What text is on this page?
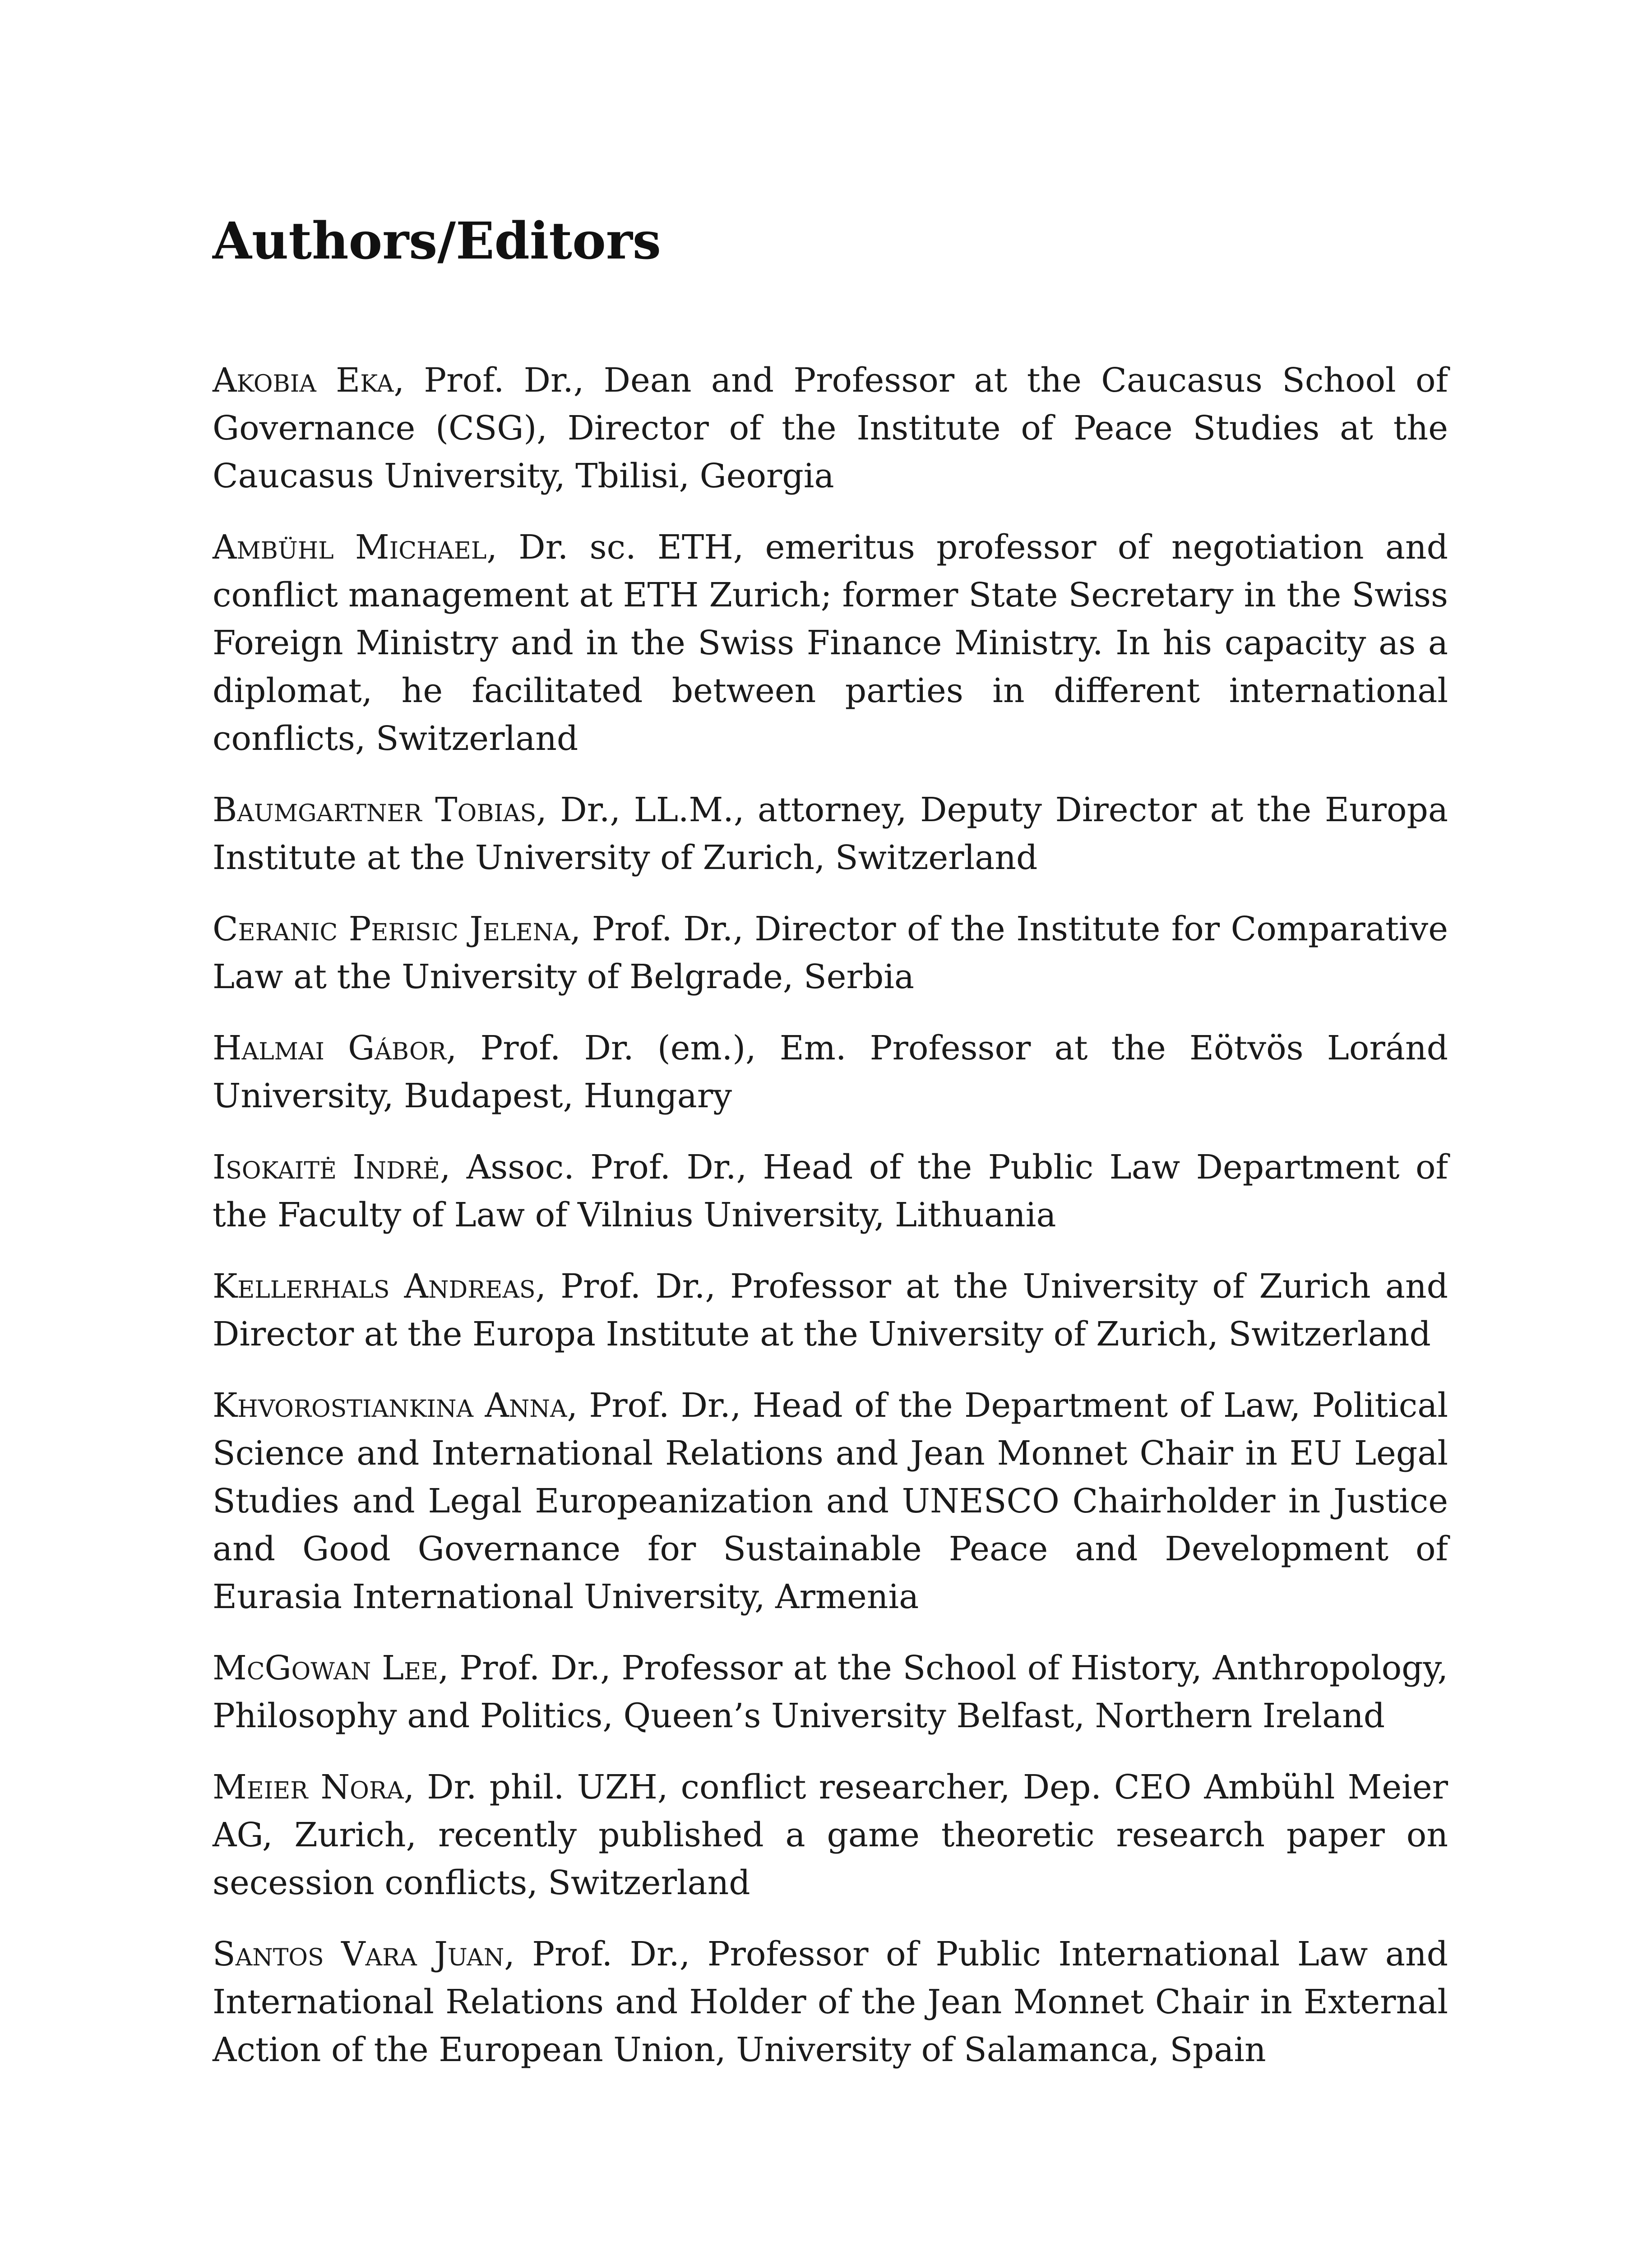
Authors/Editors

Akobia Eka, Prof. Dr., Dean and Professor at the Caucasus School of Governance (CSG), Director of the Institute of Peace Studies at the Caucasus University, Tbilisi, Georgia

Ambühl Michael, Dr. sc. ETH, emeritus professor of negotiation and conflict management at ETH Zurich; former State Secretary in the Swiss Foreign Ministry and in the Swiss Finance Ministry. In his capacity as a diplomat, he facilitated between parties in different international conflicts, Switzerland

Baumgartner Tobias, Dr., LL.M., attorney, Deputy Director at the Europa Institute at the University of Zurich, Switzerland

Ceranic Perisic Jelena, Prof. Dr., Director of the Institute for Comparative Law at the University of Belgrade, Serbia

Halmai Gábor, Prof. Dr. (em.), Em. Professor at the Eötvös Loránd University, Budapest, Hungary

Isokaitė Indrė, Assoc. Prof. Dr., Head of the Public Law Department of the Faculty of Law of Vilnius University, Lithuania

Kellerhals Andreas, Prof. Dr., Professor at the University of Zurich and Director at the Europa Institute at the University of Zurich, Switzerland

Khvorostiankina Anna, Prof. Dr., Head of the Department of Law, Political Science and International Relations and Jean Monnet Chair in EU Legal Studies and Legal Europeanization and UNESCO Chairholder in Justice and Good Governance for Sustainable Peace and Development of Eurasia International University, Armenia

McGowan Lee, Prof. Dr., Professor at the School of History, Anthropology, Philosophy and Politics, Queen’s University Belfast, Northern Ireland

Meier Nora, Dr. phil. UZH, conflict researcher, Dep. CEO Ambühl Meier AG, Zurich, recently published a game theoretic research paper on secession conflicts, Switzerland

Santos Vara Juan, Prof. Dr., Professor of Public International Law and International Relations and Holder of the Jean Monnet Chair in External Action of the European Union, University of Salamanca, Spain
